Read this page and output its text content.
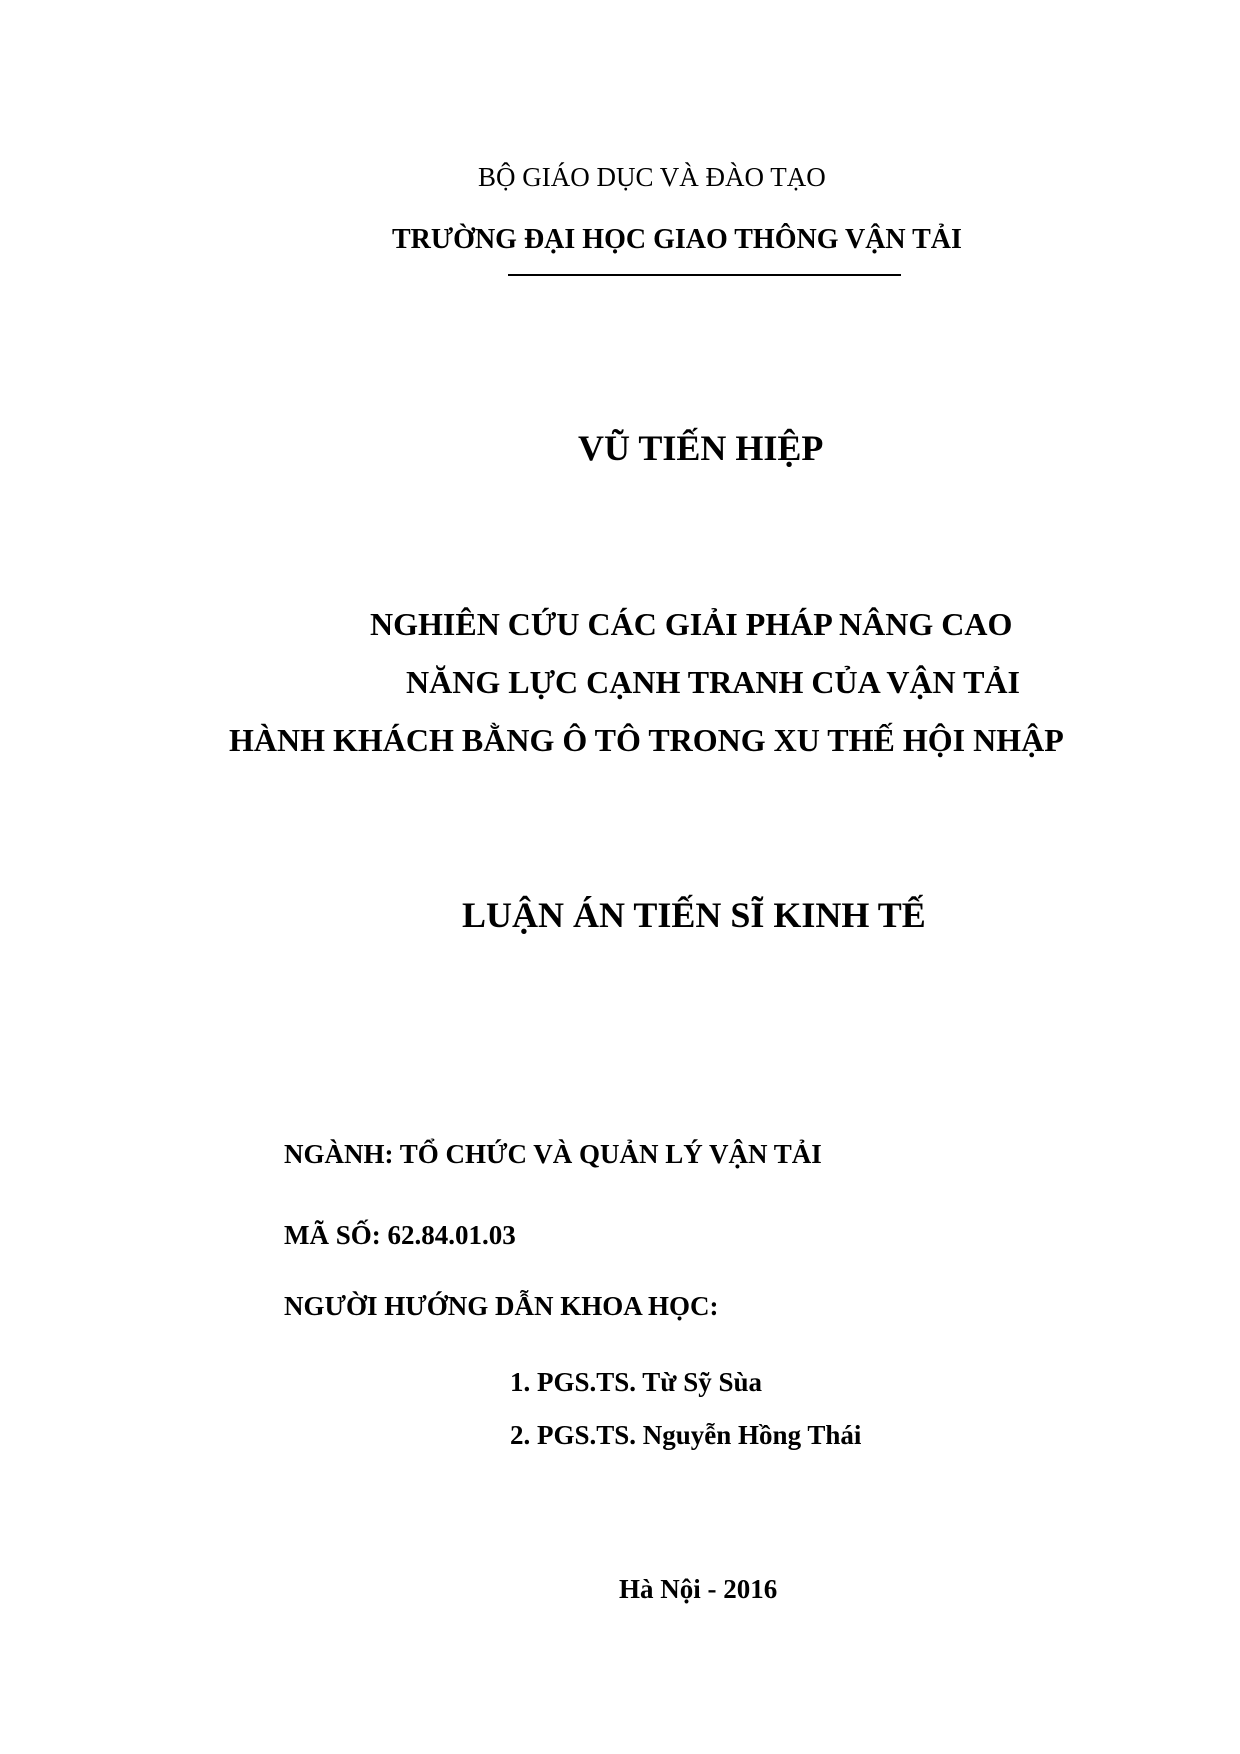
BỘ GIÁO DỤC VÀ ĐÀO TẠO
TRƯỜNG ĐẠI HỌC GIAO THÔNG VẬN TẢI
VŨ TIẾN HIỆP
NGHIÊN CỨU CÁC GIẢI PHÁP NÂNG CAO
NĂNG LỰC CẠNH TRANH CỦA VẬN TẢI
HÀNH KHÁCH BẰNG Ô TÔ TRONG XU THẾ HỘI NHẬP
LUẬN ÁN TIẾN SĨ KINH TẾ
NGÀNH: TỔ CHỨC VÀ QUẢN LÝ VẬN TẢI
MÃ SỐ: 62.84.01.03
NGƯỜI HƯỚNG DẪN KHOA HỌC:
1. PGS.TS. Từ Sỹ Sùa
2. PGS.TS. Nguyễn Hồng Thái
Hà Nội - 2016
